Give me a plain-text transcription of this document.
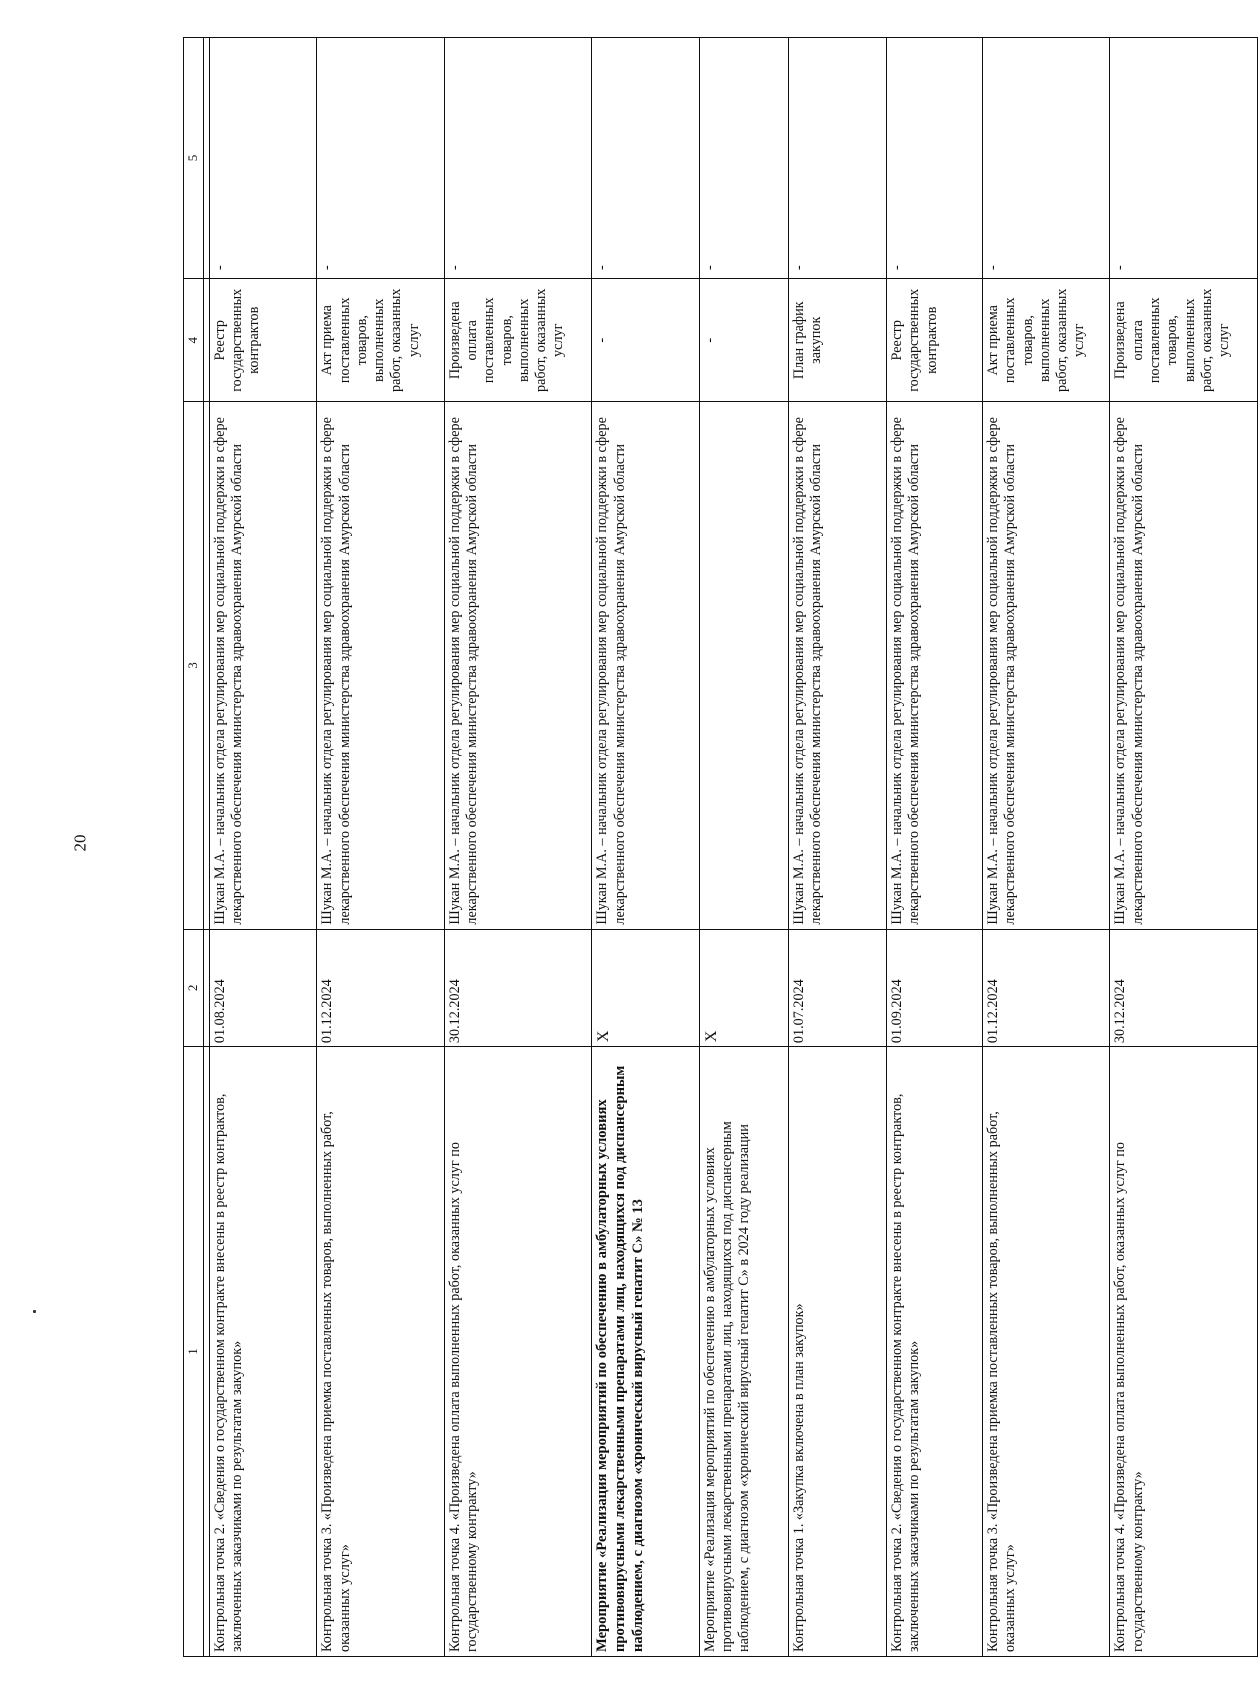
20
1	2	3	4	5

Контрольная точка 2. «Сведения о государственном контракте внесены в реестр контрактов, заключенных заказчиками по результатам закупок»	01.08.2024	Шукан М.А. – начальник отдела регулирования мер социальной поддержки в сфере лекарственного обеспечения министерства здравоохранения Амурской области	Реестр государственных контрактов	-
Контрольная точка 3. «Произведена приемка поставленных товаров, выполненных работ, оказанных услуг»	01.12.2024	Шукан М.А. – начальник отдела регулирования мер социальной поддержки в сфере лекарственного обеспечения министерства здравоохранения Амурской области	Акт приема поставленных товаров, выполненных работ, оказанных услуг	-
Контрольная точка 4. «Произведена оплата выполненных работ, оказанных услуг по государственному контракту»	30.12.2024	Шукан М.А. – начальник отдела регулирования мер социальной поддержки в сфере лекарственного обеспечения министерства здравоохранения Амурской области	Произведена оплата поставленных товаров, выполненных работ, оказанных услуг	-
Мероприятие «Реализация мероприятий по обеспечению в амбулаторных условиях противовирусными лекарственными препаратами лиц, находящихся под диспансерным наблюдением, с диагнозом «хронический вирусный гепатит С» № 13	Х	Шукан М.А. – начальник отдела регулирования мер социальной поддержки в сфере лекарственного обеспечения министерства здравоохранения Амурской области	-	-
Мероприятие «Реализация мероприятий по обеспечению в амбулаторных условиях противовирусными лекарственными препаратами лиц, находящихся под диспансерным наблюдением, с диагнозом «хронический вирусный гепатит С» в 2024 году реализации	Х		-	-
Контрольная точка 1. «Закупка включена в план закупок»	01.07.2024	Шукан М.А. – начальник отдела регулирования мер социальной поддержки в сфере лекарственного обеспечения министерства здравоохранения Амурской области	План график закупок	-
Контрольная точка 2. «Сведения о государственном контракте внесены в реестр контрактов, заключенных заказчиками по результатам закупок»	01.09.2024	Шукан М.А. – начальник отдела регулирования мер социальной поддержки в сфере лекарственного обеспечения министерства здравоохранения Амурской области	Реестр государственных контрактов	-
Контрольная точка 3. «Произведена приемка поставленных товаров, выполненных работ, оказанных услуг»	01.12.2024	Шукан М.А. – начальник отдела регулирования мер социальной поддержки в сфере лекарственного обеспечения министерства здравоохранения Амурской области	Акт приема поставленных товаров, выполненных работ, оказанных услуг	-
Контрольная точка 4. «Произведена оплата выполненных работ, оказанных услуг по государственному контракту»	30.12.2024	Шукан М.А. – начальник отдела регулирования мер социальной поддержки в сфере лекарственного обеспечения министерства здравоохранения Амурской области	Произведена оплата поставленных товаров, выполненных работ, оказанных услуг	-
